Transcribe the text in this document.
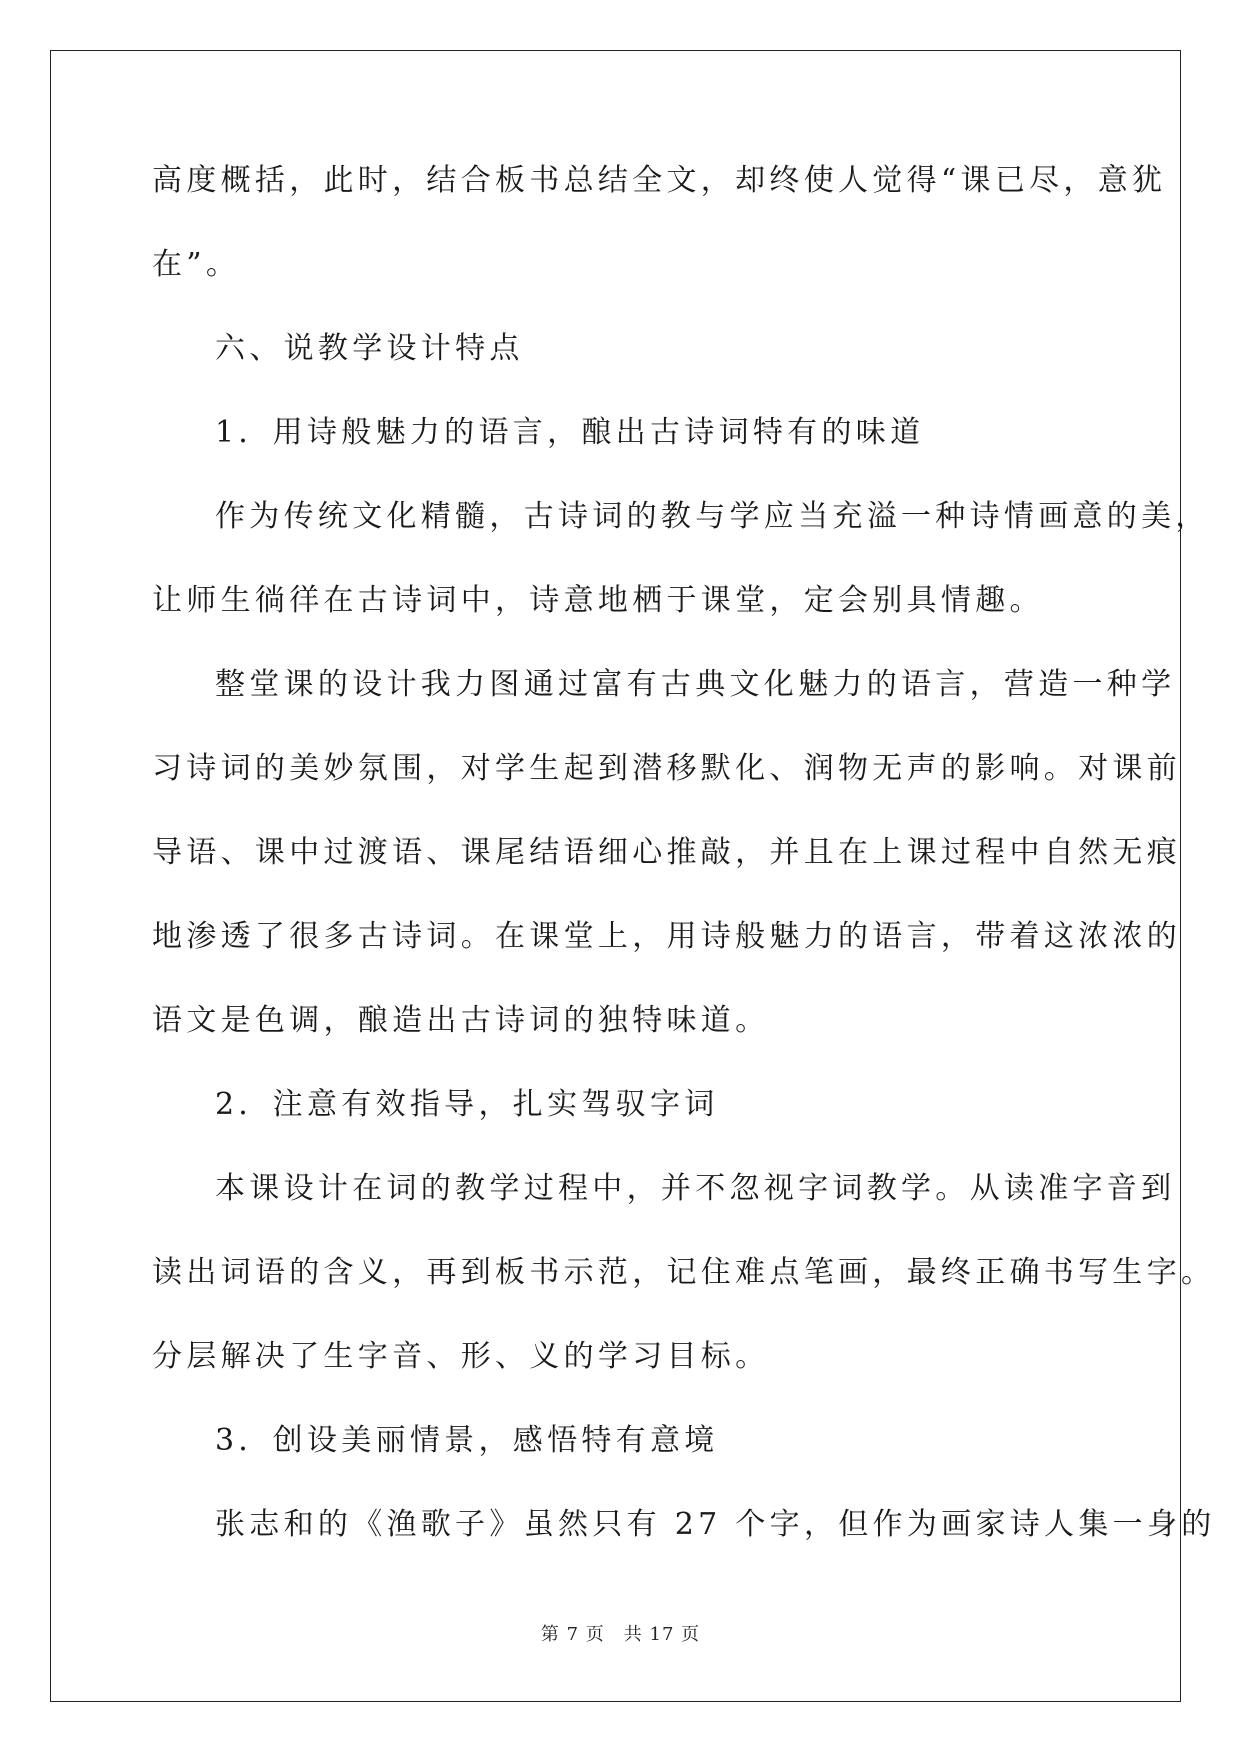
高度概括，此时，结合板书总结全文，却终使人觉得“课已尽，意犹
在”。
六、说教学设计特点
1．用诗般魅力的语言，酿出古诗词特有的味道
作为传统文化精髓，古诗词的教与学应当充溢一种诗情画意的美，
让师生徜徉在古诗词中，诗意地栖于课堂，定会别具情趣。
整堂课的设计我力图通过富有古典文化魅力的语言，营造一种学
习诗词的美妙氛围，对学生起到潜移默化、润物无声的影响。对课前
导语、课中过渡语、课尾结语细心推敲，并且在上课过程中自然无痕
地渗透了很多古诗词。在课堂上，用诗般魅力的语言，带着这浓浓的
语文是色调，酿造出古诗词的独特味道。
2．注意有效指导，扎实驾驭字词
本课设计在词的教学过程中，并不忽视字词教学。从读准字音到
读出词语的含义，再到板书示范，记住难点笔画，最终正确书写生字。
分层解决了生字音、形、义的学习目标。
3．创设美丽情景，感悟特有意境
张志和的《渔歌子》虽然只有 27 个字，但作为画家诗人集一身的
第 7 页　共 17 页
